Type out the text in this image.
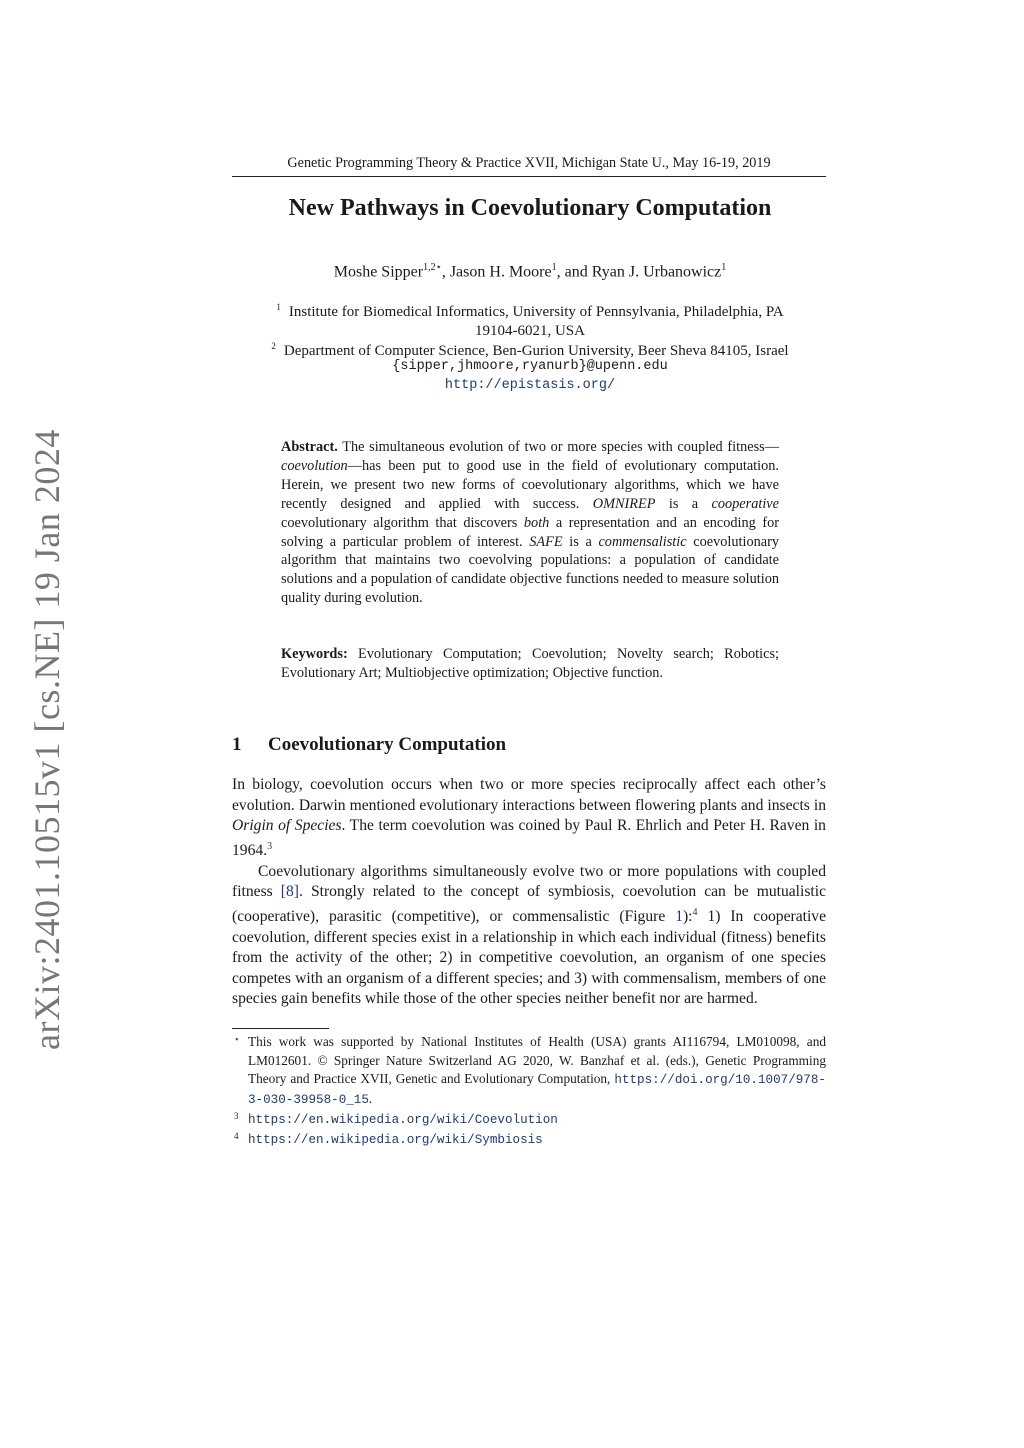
arXiv:2401.10515v1 [cs.NE] 19 Jan 2024
Genetic Programming Theory & Practice XVII, Michigan State U., May 16-19, 2019
New Pathways in Coevolutionary Computation
Moshe Sipper$^{1,2⋆}$, Jason H. Moore$^1$, and Ryan J. Urbanowicz$^1$
$^1$ Institute for Biomedical Informatics, University of Pennsylvania, Philadelphia, PA
19104-6021, USA
$^2$ Department of Computer Science, Ben-Gurion University, Beer Sheva 84105, Israel
{sipper,jhmoore,ryanurb}@upenn.edu
http://epistasis.org/
Abstract. The simultaneous evolution of two or more species with coupled fitness—coevolution—has been put to good use in the field of evolutionary computation. Herein, we present two new forms of coevolutionary algorithms, which we have recently designed and applied with success. OMNIREP is a cooperative coevolutionary algorithm that discovers both a representation and an encoding for solving a particular problem of interest. SAFE is a commensalistic coevolutionary algorithm that maintains two coevolving populations: a population of candidate solutions and a population of candidate objective functions needed to measure solution quality during evolution.
Keywords: Evolutionary Computation; Coevolution; Novelty search; Robotics; Evolutionary Art; Multiobjective optimization; Objective function.
1 Coevolutionary Computation

In biology, coevolution occurs when two or more species reciprocally affect each other’s evolution. Darwin mentioned evolutionary interactions between flowering plants and insects in Origin of Species. The term coevolution was coined by Paul R. Ehrlich and Peter H. Raven in 1964.$^3$

Coevolutionary algorithms simultaneously evolve two or more populations with coupled fitness [8]. Strongly related to the concept of symbiosis, coevolution can be mutualistic (cooperative), parasitic (competitive), or commensalistic (Figure 1):$^4$ 1) In cooperative coevolution, different species exist in a relationship in which each individual (fitness) benefits from the activity of the other; 2) in competitive coevolution, an organism of one species competes with an organism of a different species; and 3) with commensalism, members of one species gain benefits while those of the other species neither benefit nor are harmed.

⋆ This work was supported by National Institutes of Health (USA) grants AI116794, LM010098, and LM012601. © Springer Nature Switzerland AG 2020, W. Banzhaf et al. (eds.), Genetic Programming Theory and Practice XVII, Genetic and Evolutionary Computation, https://doi.org/10.1007/978-3-030-39958-0_15.
3 https://en.wikipedia.org/wiki/Coevolution
4 https://en.wikipedia.org/wiki/Symbiosis
